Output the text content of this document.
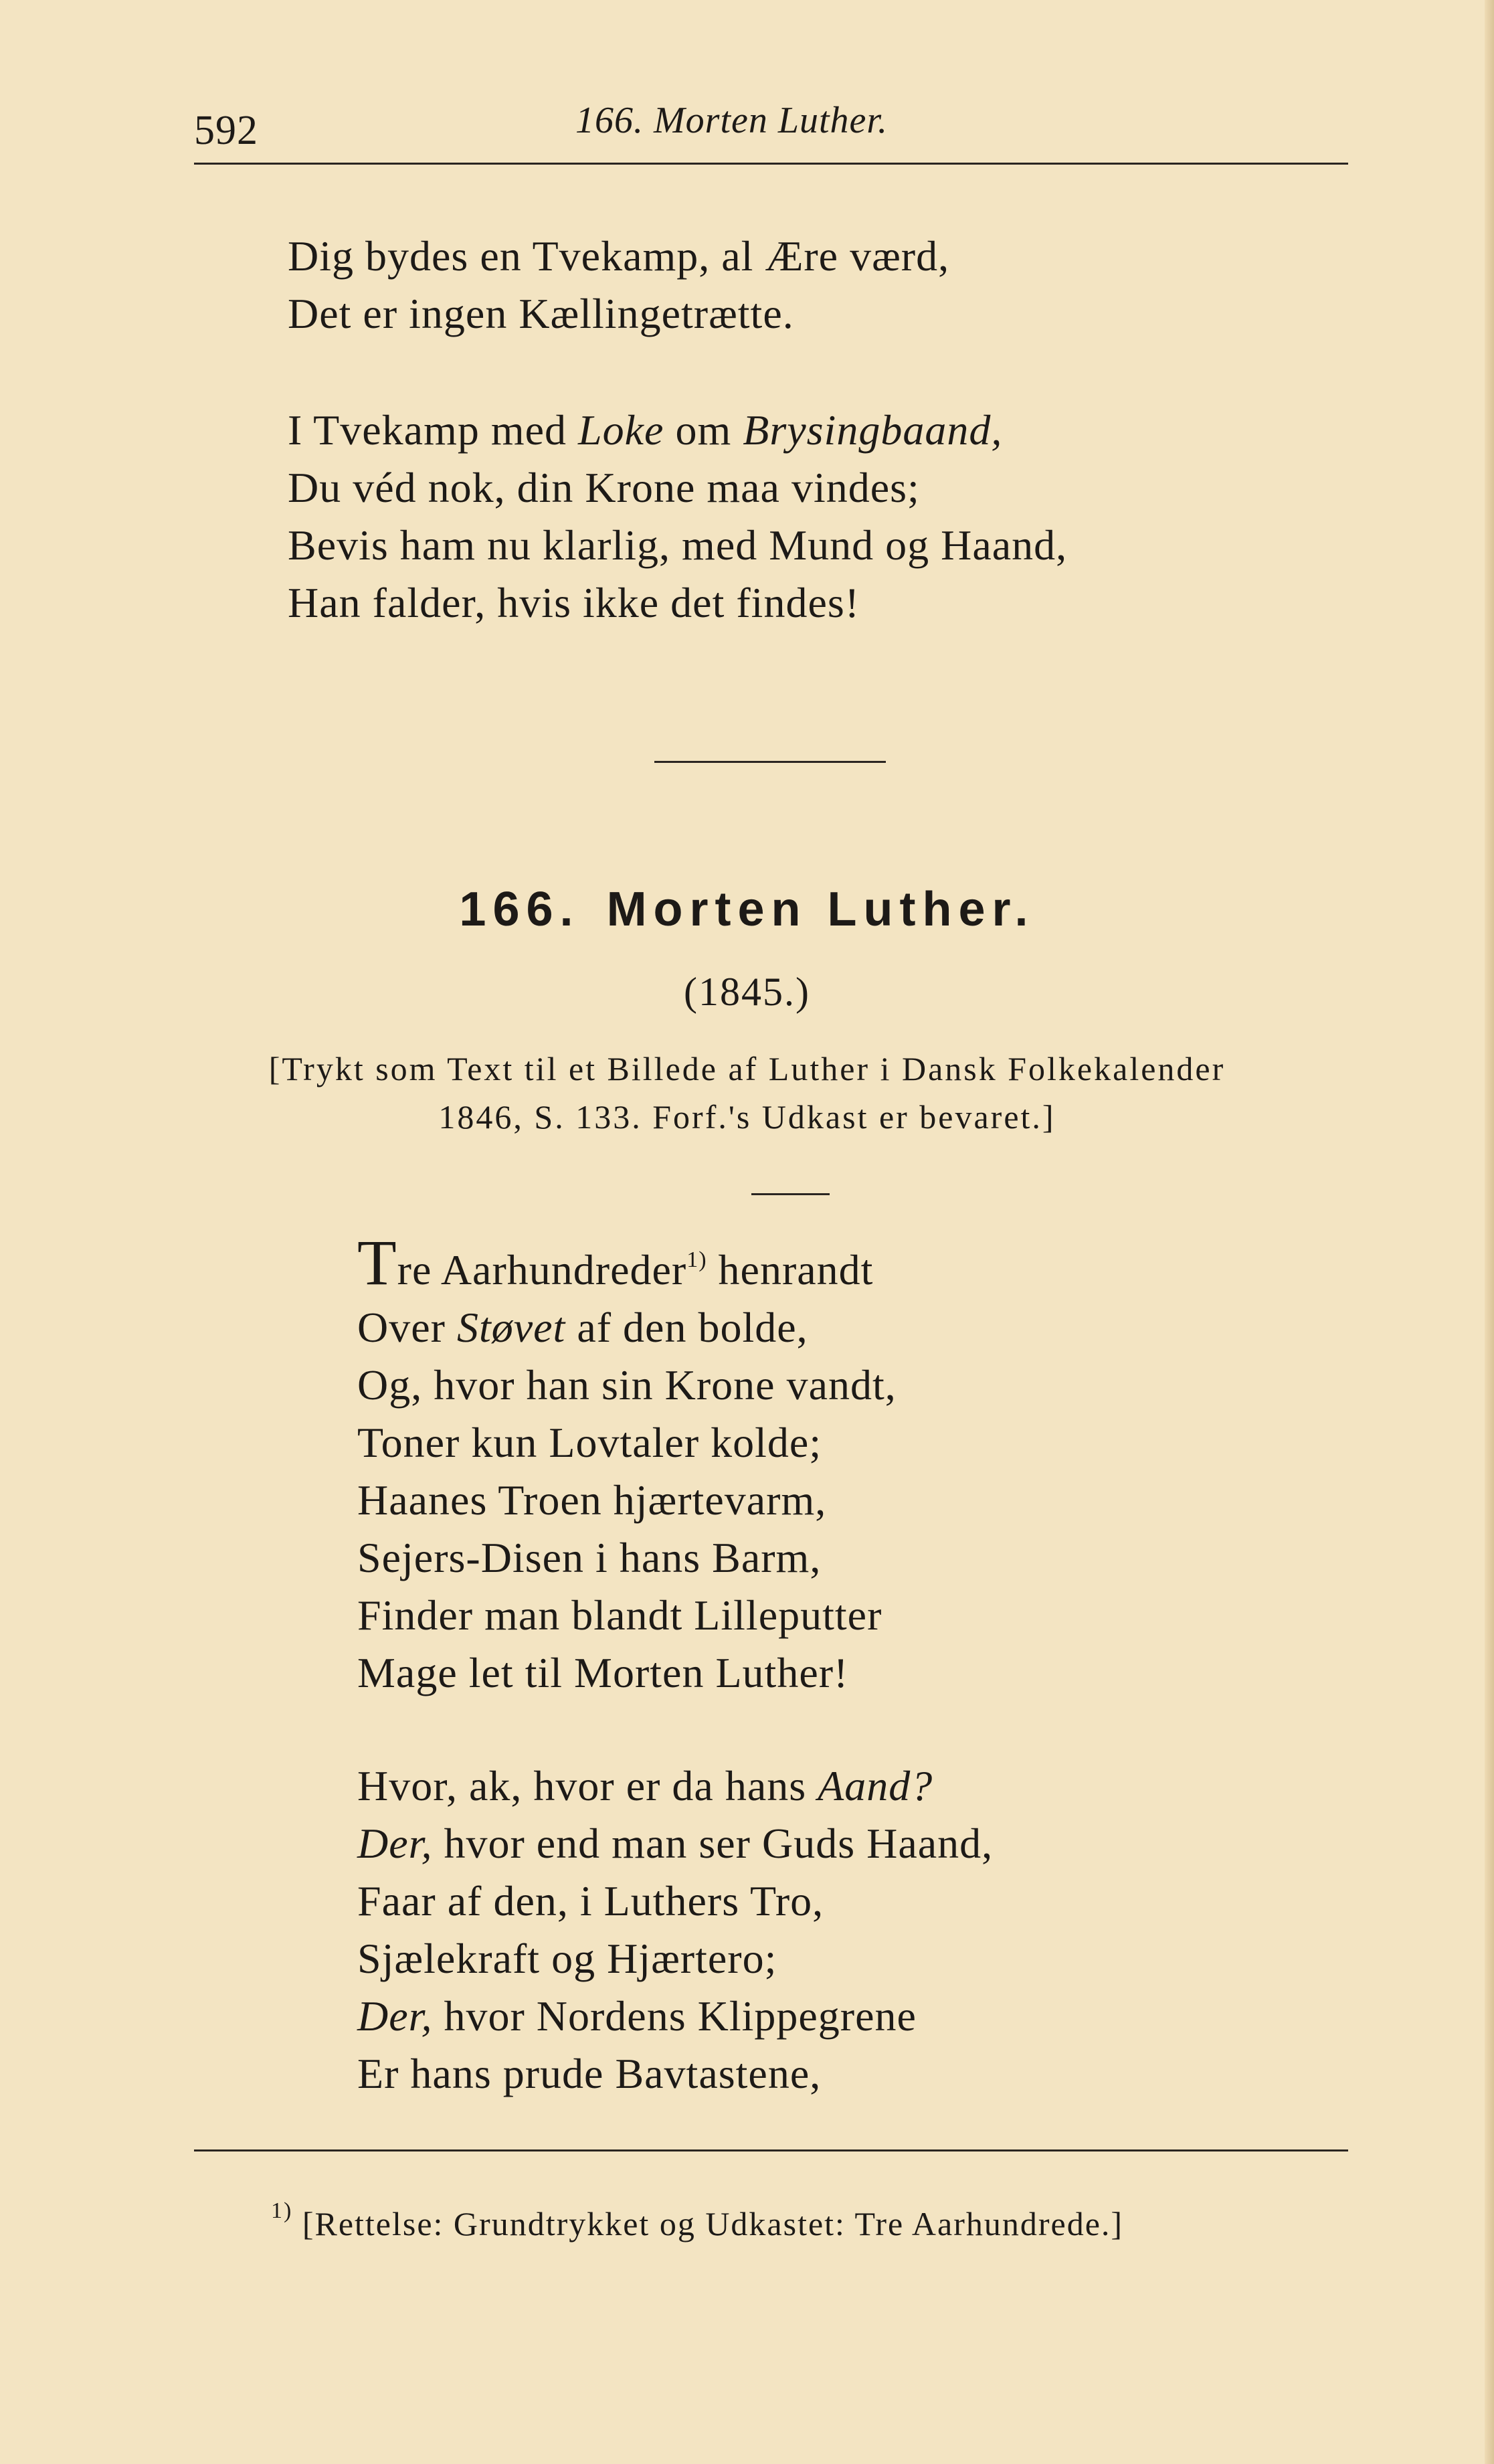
592	166. Morten Luther.
Dig bydes en Tvekamp, al Ære værd,
Det er ingen Kællingetrætte.
I Tvekamp med Loke om Brysingbaand,
Du véd nok, din Krone maa vindes;
Bevis ham nu klarlig, med Mund og Haand,
Han falder, hvis ikke det findes!
166. Morten Luther.
(1845.)
[Trykt som Text til et Billede af Luther i Dansk Folkekalender
1846, S. 133. Forf.'s Udkast er bevaret.]
Tre Aarhundreder$^{1)}$ henrandt
Over Støvet af den bolde,
Og, hvor han sin Krone vandt,
Toner kun Lovtaler kolde;
Haanes Troen hjærtevarm,
Sejers-Disen i hans Barm,
Finder man blandt Lilleputter
Mage let til Morten Luther!
Hvor, ak, hvor er da hans Aand?
Der, hvor end man ser Guds Haand,
Faar af den, i Luthers Tro,
Sjælekraft og Hjærtero;
Der, hvor Nordens Klippegrene
Er hans prude Bavtastene,
$^{1)}$ [Rettelse: Grundtrykket og Udkastet: Tre Aarhundrede.]
